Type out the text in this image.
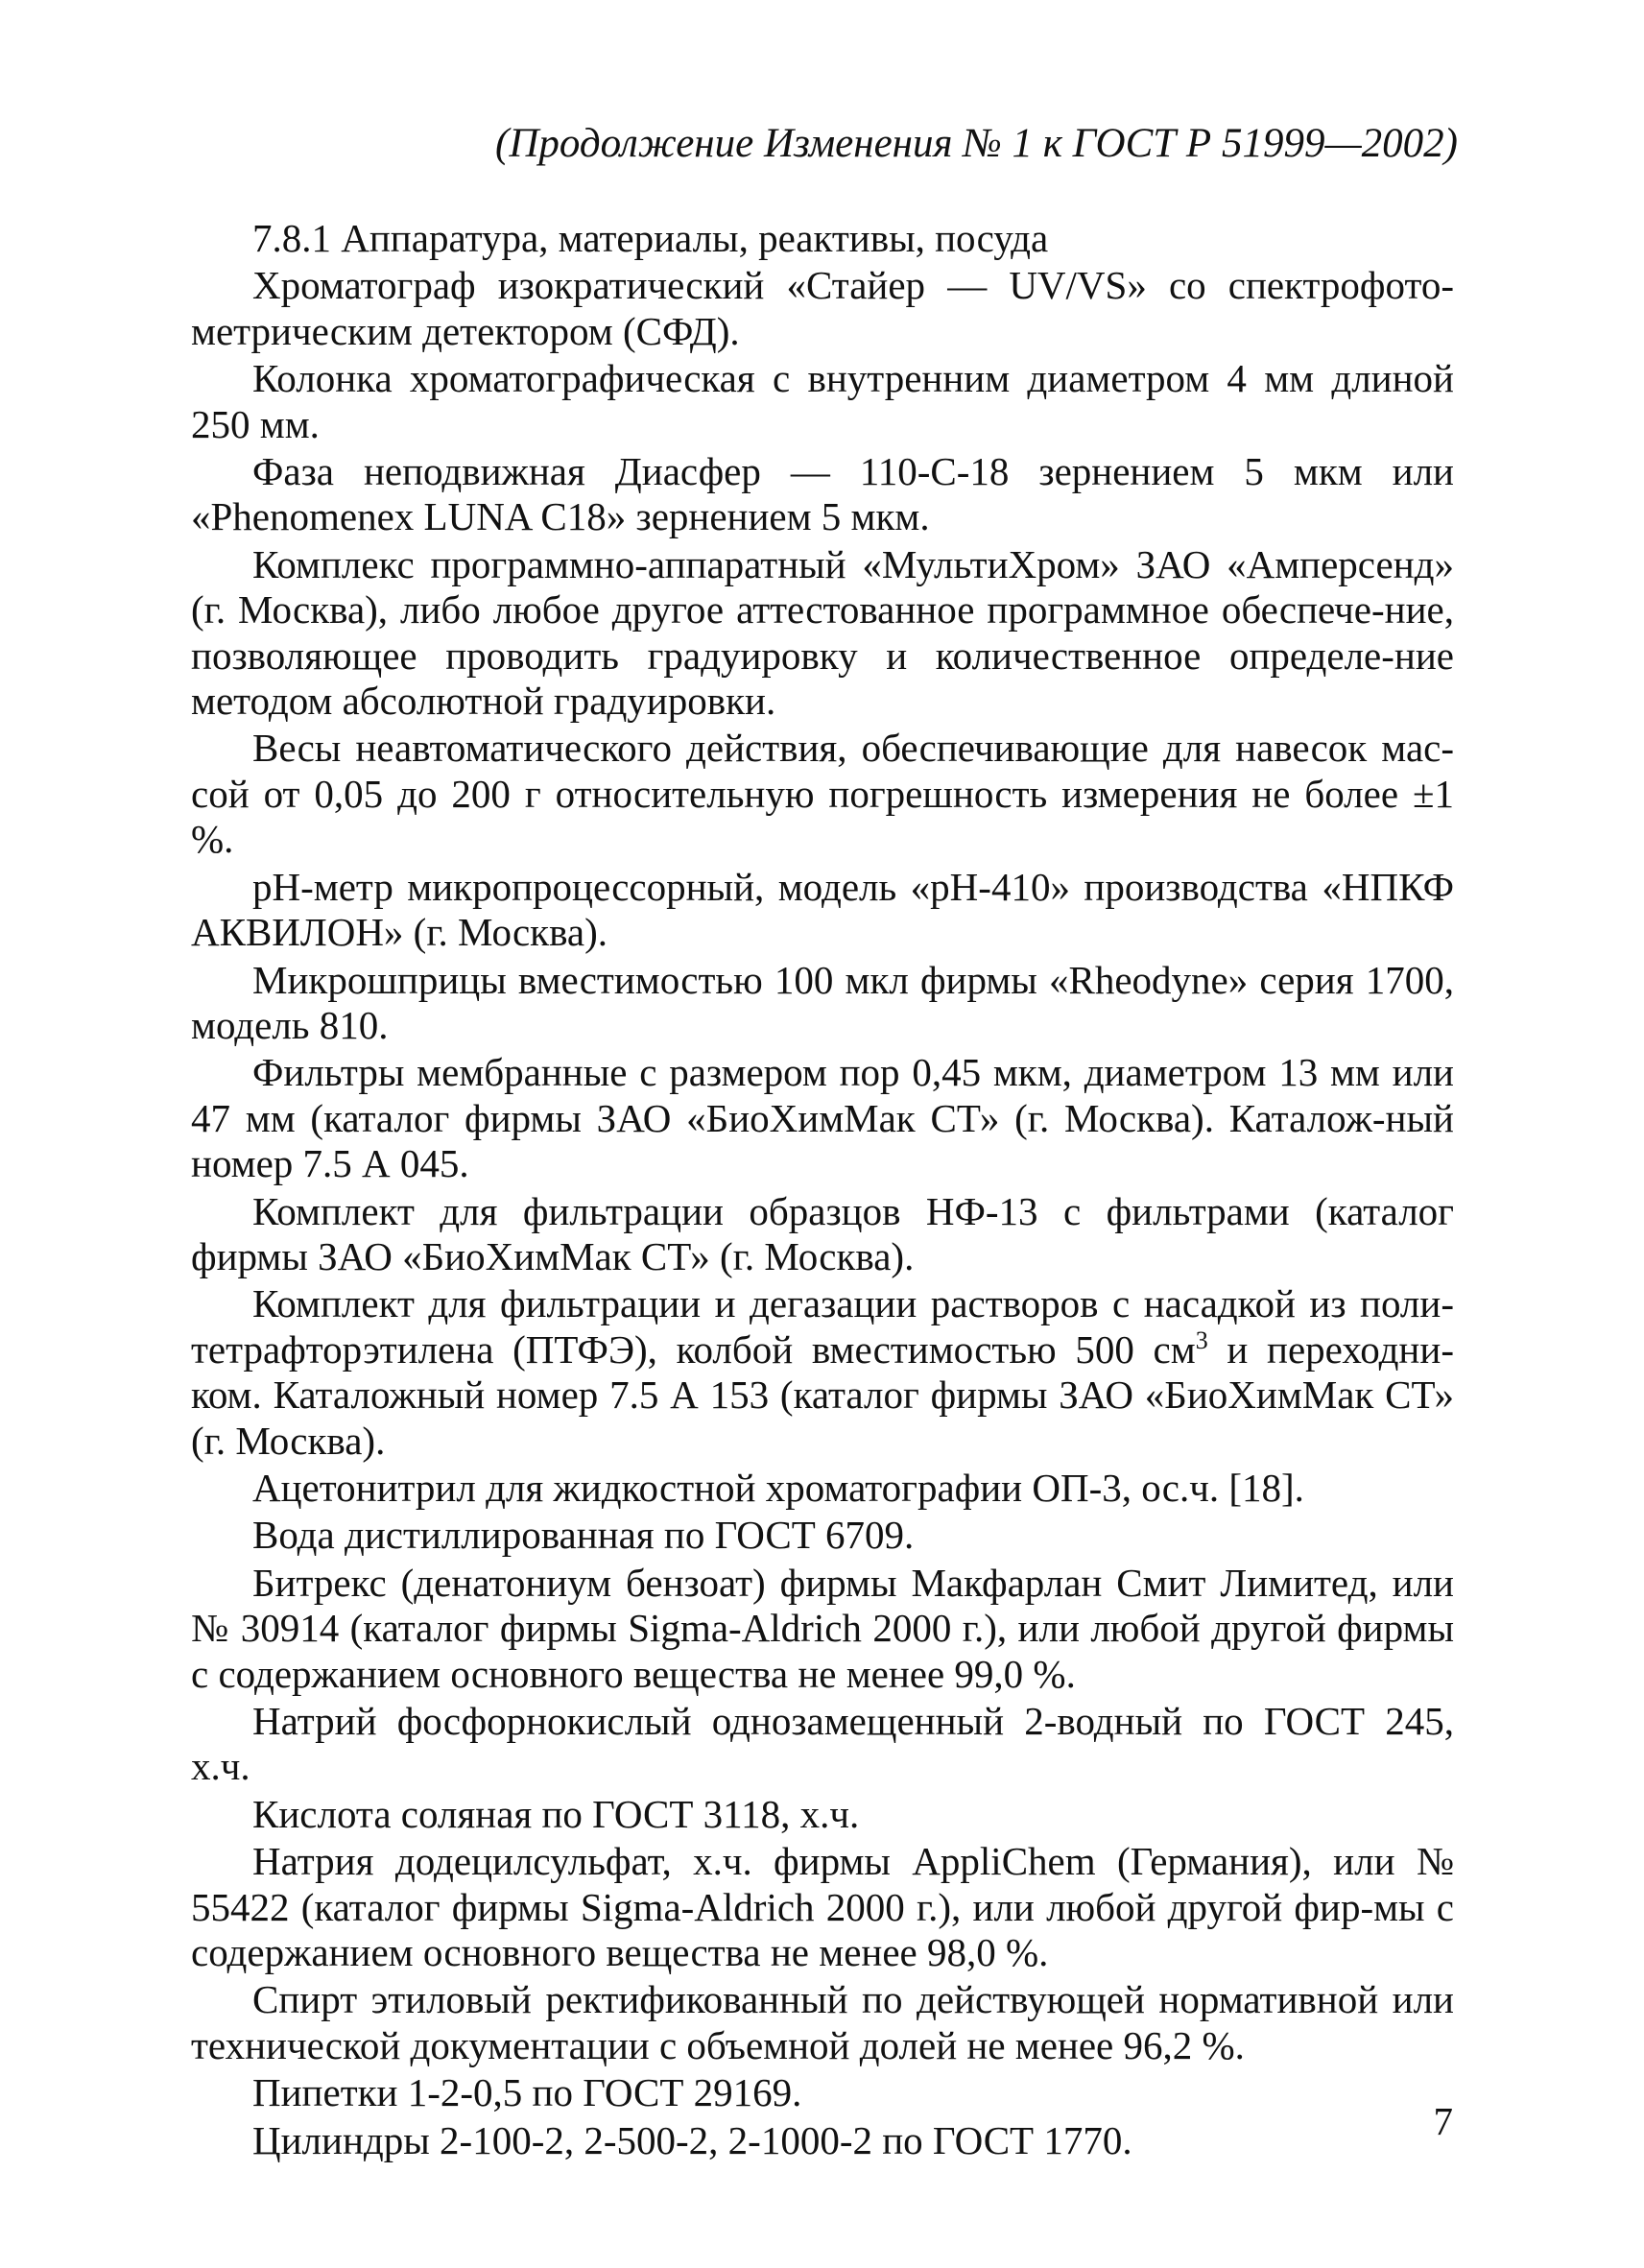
(Продолжение Изменения № 1 к ГОСТ Р 51999—2002)

7.8.1 Аппаратура, материалы, реактивы, посуда

Хроматограф изократический «Стайер — UV/VS» со спектрофото-метрическим детектором (СФД).

Колонка хроматографическая с внутренним диаметром 4 мм длиной 250 мм.

Фаза неподвижная Диасфер — 110-С-18 зернением 5 мкм или «Phenomenex LUNA C18» зернением 5 мкм.

Комплекс программно-аппаратный «МультиХром» ЗАО «Амперсенд» (г. Москва), либо любое другое аттестованное программное обеспече-ние, позволяющее проводить градуировку и количественное определе-ние методом абсолютной градуировки.

Весы неавтоматического действия, обеспечивающие для навесок мас-сой от 0,05 до 200 г относительную погрешность измерения не более ±1 %.

рН-метр микропроцессорный, модель «рН-410» производства «НПКФ АКВИЛОН» (г. Москва).

Микрошприцы вместимостью 100 мкл фирмы «Rheodyne» серия 1700, модель 810.

Фильтры мембранные с размером пор 0,45 мкм, диаметром 13 мм или 47 мм (каталог фирмы ЗАО «БиоХимМак СТ» (г. Москва). Каталож-ный номер 7.5 А 045.

Комплект для фильтрации образцов НФ-13 с фильтрами (каталог фирмы ЗАО «БиоХимМак СТ» (г. Москва).

Комплект для фильтрации и дегазации растворов с насадкой из поли-тетрафторэтилена (ПТФЭ), колбой вместимостью 500 $см^3$ и переходни-ком. Каталожный номер 7.5 А 153 (каталог фирмы ЗАО «БиоХимМак СТ» (г. Москва).

Ацетонитрил для жидкостной хроматографии ОП-3, ос.ч. [18].

Вода дистиллированная по ГОСТ 6709.

Битрекс (денатониум бензоат) фирмы Макфарлан Смит Лимитед, или № 30914 (каталог фирмы Sigma-Aldrich 2000 г.), или любой другой фирмы с содержанием основного вещества не менее 99,0 %.

Натрий фосфорнокислый однозамещенный 2-водный по ГОСТ 245, х.ч.

Кислота соляная по ГОСТ 3118, х.ч.

Натрия додецилсульфат, х.ч. фирмы AppliChem (Германия), или № 55422 (каталог фирмы Sigma-Aldrich 2000 г.), или любой другой фир-мы с содержанием основного вещества не менее 98,0 %.

Спирт этиловый ректификованный по действующей нормативной или технической документации с объемной долей не менее 96,2 %.

Пипетки 1-2-0,5 по ГОСТ 29169.

Цилиндры 2-100-2, 2-500-2, 2-1000-2 по ГОСТ 1770.	7
